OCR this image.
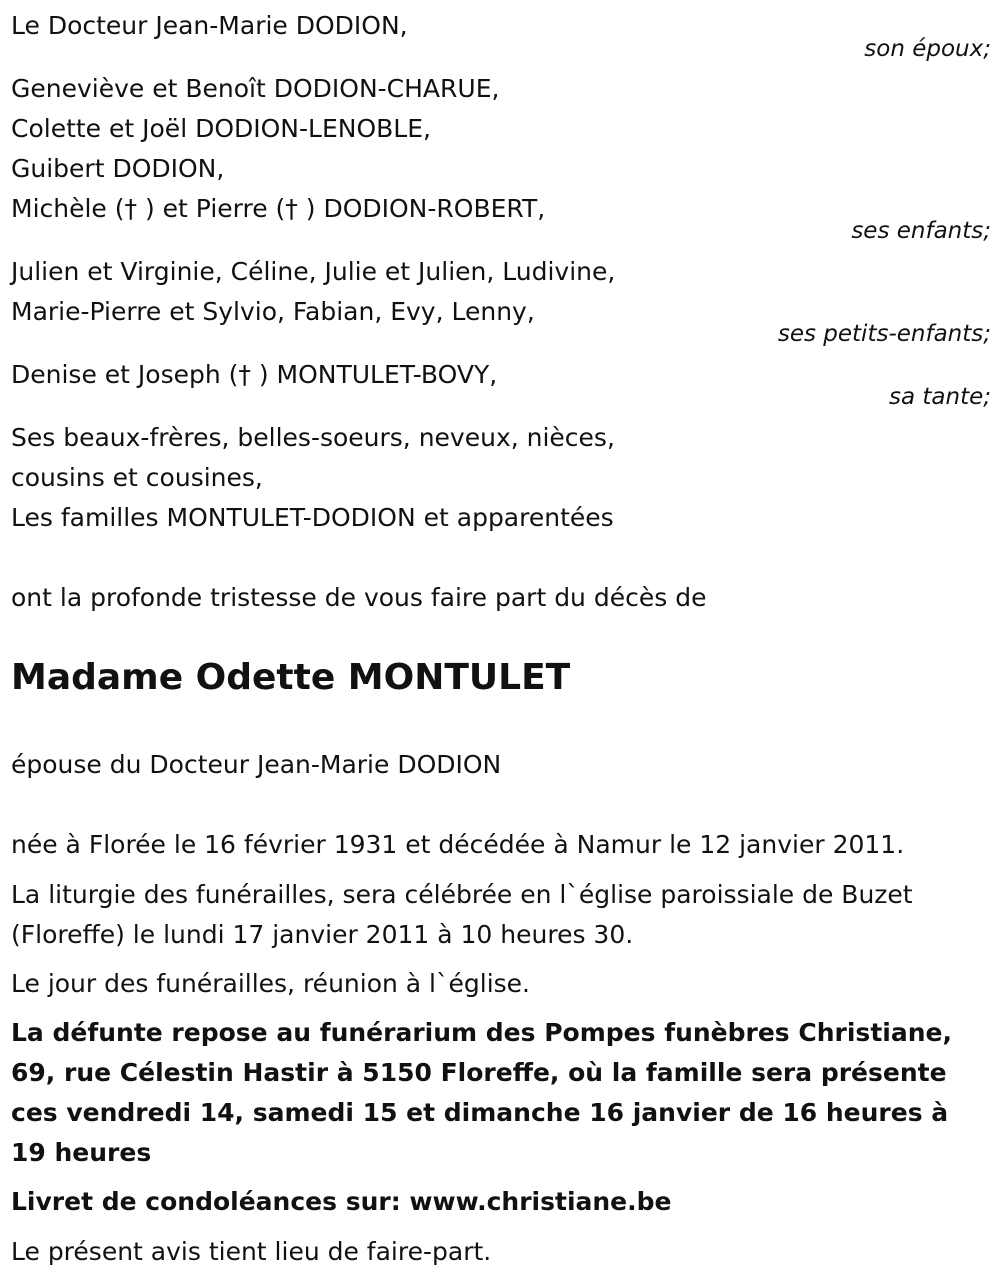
Le Docteur Jean-Marie DODION,
son époux;
Geneviève et Benoît DODION-CHARUE,
Colette et Joël DODION-LENOBLE,
Guibert DODION,
Michèle († ) et Pierre († ) DODION-ROBERT,
ses enfants;
Julien et Virginie, Céline, Julie et Julien, Ludivine,
Marie-Pierre et Sylvio, Fabian, Evy, Lenny,
ses petits-enfants;
Denise et Joseph († ) MONTULET-BOVY,
sa tante;
Ses beaux-frères, belles-soeurs, neveux, nièces,
cousins et cousines,
Les familles MONTULET-DODION et apparentées
ont la profonde tristesse de vous faire part du décès de
Madame Odette MONTULET
épouse du Docteur Jean-Marie DODION
née à Florée le 16 février 1931 et décédée à Namur le 12 janvier 2011.
La liturgie des funérailles, sera célébrée en l`église paroissiale de Buzet (Floreffe) le lundi 17 janvier 2011 à 10 heures 30.
Le jour des funérailles, réunion à l`église.
La défunte repose au funérarium des Pompes funèbres Christiane, 69, rue Célestin Hastir à 5150 Floreffe, où la famille sera présente ces vendredi 14, samedi 15 et dimanche 16 janvier de 16 heures à 19 heures
Livret de condoléances sur: www.christiane.be
Le présent avis tient lieu de faire-part.
